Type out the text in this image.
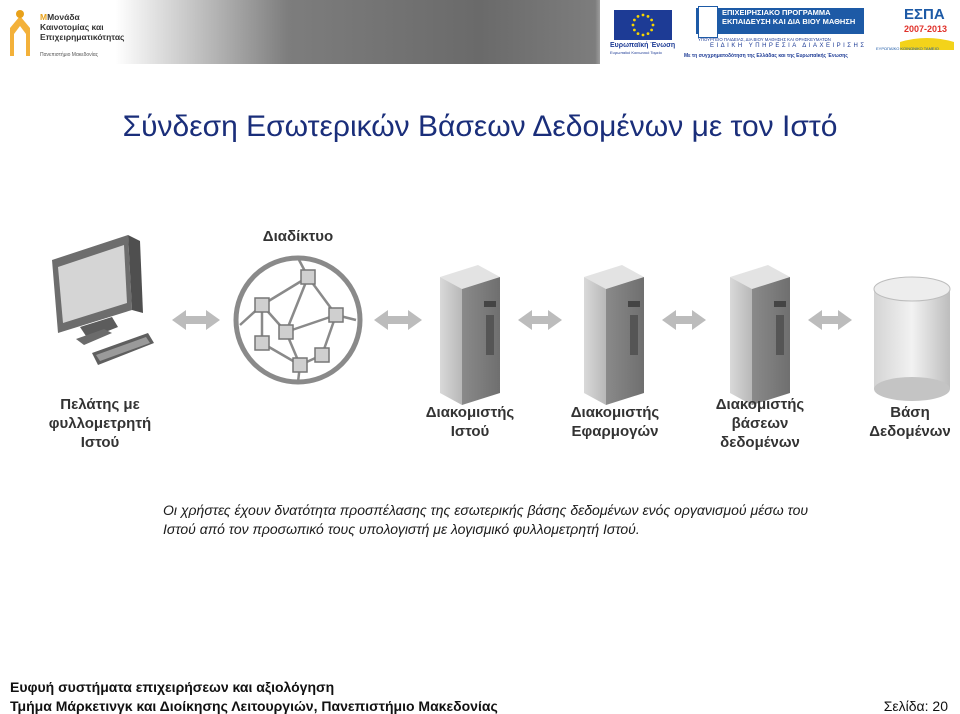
ΜΜονάδα
Καινοτομίας και
Επιχειρηματικότητας
Πανεπιστήμιο Μακεδονίας
Ευρωπαϊκή Ένωση
Ευρωπαϊκό Κοινωνικό Ταμείο
ΕΠΙΧΕΙΡΗΣΙΑΚΟ ΠΡΟΓΡΑΜΜΑ
ΕΚΠΑΙΔΕΥΣΗ ΚΑΙ ΔΙΑ ΒΙΟΥ ΜΑΘΗΣΗ
ΥΠΟΥΡΓΕΙΟ ΠΑΙΔΕΙΑΣ, ΔΙΑ ΒΙΟΥ ΜΑΘΗΣΗΣ ΚΑΙ ΘΡΗΣΚΕΥΜΑΤΩΝ
ΕΙΔΙΚΗ ΥΠΗΡΕΣΙΑ ΔΙΑΧΕΙΡΙΣΗΣ
Με τη συγχρηματοδότηση της Ελλάδας και της Ευρωπαϊκής Ένωσης
ΕΣΠΑ
2007-2013
ΕΥΡΩΠΑΪΚΟ ΚΟΙΝΩΝΙΚΟ ΤΑΜΕΙΟ
Σύνδεση Εσωτερικών Βάσεων Δεδομένων με τον Ιστό
Διαδίκτυο
Πελάτης με
φυλλομετρητή
Ιστού
Διακομιστής
Ιστού
Διακομιστής
Εφαρμογών
Διακομιστής
βάσεων
δεδομένων
Βάση
Δεδομένων
Οι χρήστες έχουν δνατότητα προσπέλασης της εσωτερικής βάσης δεδομένων ενός οργανισμού μέσω του Ιστού από τον προσωπικό τους υπολογιστή με λογισμικό φυλλομετρητή Ιστού.
Ευφυή συστήματα επιχειρήσεων και αξιολόγηση
Τμήμα Μάρκετινγκ και Διοίκησης Λειτουργιών, Πανεπιστήμιο Μακεδονίας	Σελίδα: 20
